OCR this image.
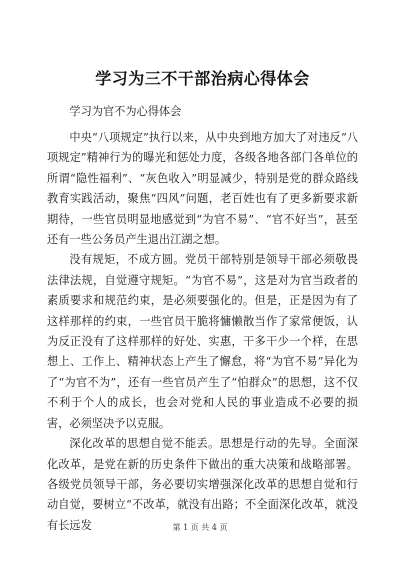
学习为三不干部治病心得体会

学习为官不为心得体会

中央“八项规定”执行以来，从中央到地方加大了对违反“八项规定”精神行为的曝光和惩处力度，各级各地各部门各单位的所谓“隐性福利”、“灰色收入”明显减少，特别是党的群众路线教育实践活动，聚焦“四风”问题，老百姓也有了更多新要求新期待，一些官员明显地感觉到“为官不易”、“官不好当”，甚至还有一些公务员产生退出江湖之想。

没有规矩，不成方圆。党员干部特别是领导干部必须敬畏法律法规，自觉遵守规矩。“为官不易”，这是对为官当政者的素质要求和规范约束，是必须要强化的。但是，正是因为有了这样那样的约束，一些官员干脆将慵懒散当作了家常便饭，认为反正没有了这样那样的好处、实惠，干多干少一个样，在思想上、工作上、精神状态上产生了懈怠，将“为官不易”异化为了“为官不为”，还有一些官员产生了“怕群众”的思想，这不仅不利于个人的成长，也会对党和人民的事业造成不必要的损害，必须坚决予以克服。

深化改革的思想自觉不能丢。思想是行动的先导。全面深化改革，是党在新的历史条件下做出的重大决策和战略部署。各级党员领导干部，务必要切实增强深化改革的思想自觉和行动自觉，要树立“不改革，就没有出路；不全面深化改革，就没有长远发	第 1 页 共 4 页
